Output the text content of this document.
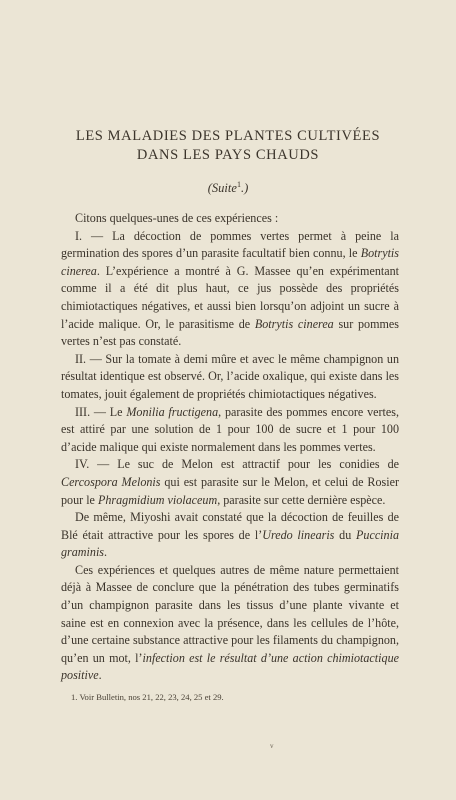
LES MALADIES DES PLANTES CULTIVÉES
DANS LES PAYS CHAUDS
(Suite$^1$.)

Citons quelques-unes de ces expériences :

I. — La décoction de pommes vertes permet à peine la germination des spores d’un parasite facultatif bien connu, le Botrytis cinerea. L’expérience a montré à G. Massee qu’en expérimentant comme il a été dit plus haut, ce jus possède des propriétés chimiotactiques négatives, et aussi bien lorsqu’on adjoint un sucre à l’acide malique. Or, le parasitisme de Botrytis cinerea sur pommes vertes n’est pas constaté.

II. — Sur la tomate à demi mûre et avec le même champignon un résultat identique est observé. Or, l’acide oxalique, qui existe dans les tomates, jouit également de propriétés chimiotactiques négatives.

III. — Le Monilia fructigena, parasite des pommes encore vertes, est attiré par une solution de 1 pour 100 de sucre et 1 pour 100 d’acide malique qui existe normalement dans les pommes vertes.

IV. — Le suc de Melon est attractif pour les conidies de Cercospora Melonis qui est parasite sur le Melon, et celui de Rosier pour le Phragmidium violaceum, parasite sur cette dernière espèce.

De même, Miyoshi avait constaté que la décoction de feuilles de Blé était attractive pour les spores de l’Uredo linearis du Puccinia graminis.

Ces expériences et quelques autres de même nature permettaient déjà à Massee de conclure que la pénétration des tubes germinatifs d’un champignon parasite dans les tissus d’une plante vivante et saine est en connexion avec la présence, dans les cellules de l’hôte, d’une certaine substance attractive pour les filaments du champignon, qu’en un mot, l’infection est le résultat d’une action chimiotactique positive.

1. Voir Bulletin, nos 21, 22, 23, 24, 25 et 29.
v
